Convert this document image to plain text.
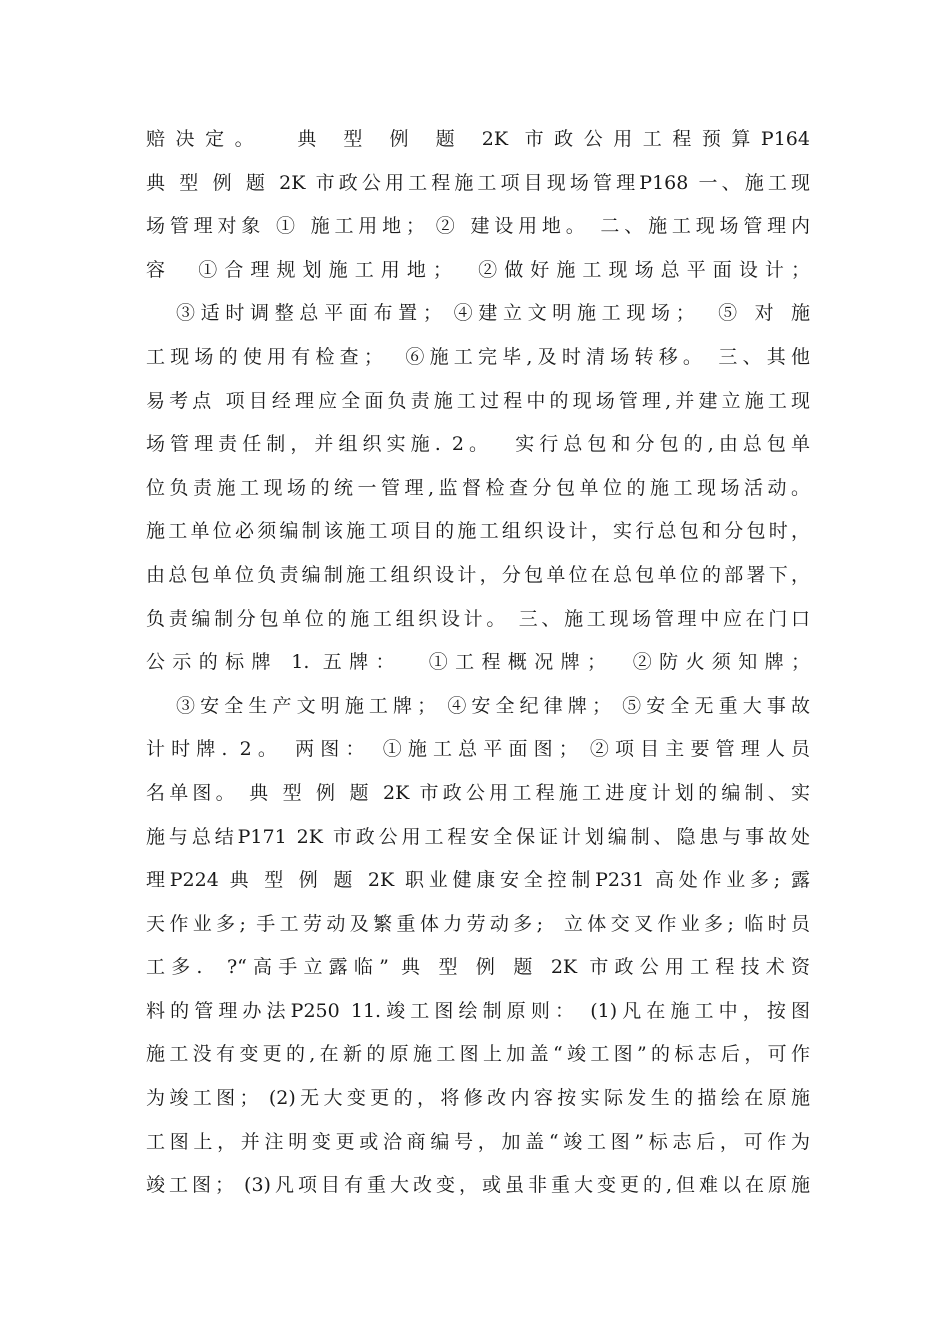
赔决定。  典 型 例 题 2K 市政公用工程预算P164
典 型 例 题 2K 市政公用工程施工项目现场管理P168 一、施工现
场管理对象 ① 施工用地； ② 建设用地。 二、施工现场管理内
容  ①合理规划施工用地；  ②做好施工现场总平面设计；
③适时调整总平面布置； ④建立文明施工现场；  ⑤ 对 施
工现场的使用有检查；  ⑥施工完毕,及时清场转移。 三、其他
易考点 项目经理应全面负责施工过程中的现场管理,并建立施工现
场管理责任制，并组织实施. 2。  实行总包和分包的,由总包单
位负责施工现场的统一管理,监督检查分包单位的施工现场活动。
施工单位必须编制该施工项目的施工组织设计，实行总包和分包时，
由总包单位负责编制施工组织设计，分包单位在总包单位的部署下，
负责编制分包单位的施工组织设计。 三、施工现场管理中应在门口
公示的标牌 1. 五牌：  ①工程概况牌；  ②防火须知牌；
③安全生产文明施工牌； ④安全纪律牌； ⑤安全无重大事故
计时牌. 2。 两图： ①施工总平面图； ②项目主要管理人员
名单图。 典 型 例 题 2K 市政公用工程施工进度计划的编制、实
施与总结P171 2K 市政公用工程安全保证计划编制、隐患与事故处
理P224 典 型 例 题 2K 职业健康安全控制P231 高处作业多; 露
天作业多; 手工劳动及繁重体力劳动多;  立体交叉作业多; 临时员
工多.  ?“高手立露临” 典 型 例 题 2K 市政公用工程技术资
料的管理办法P250 11.竣工图绘制原则： (1)凡在施工中，按图
施工没有变更的,在新的原施工图上加盖“竣工图”的标志后，可作
为竣工图； (2)无大变更的，将修改内容按实际发生的描绘在原施
工图上，并注明变更或洽商编号，加盖“竣工图”标志后，可作为
竣工图； (3)凡项目有重大改变，或虽非重大变更的,但难以在原施
